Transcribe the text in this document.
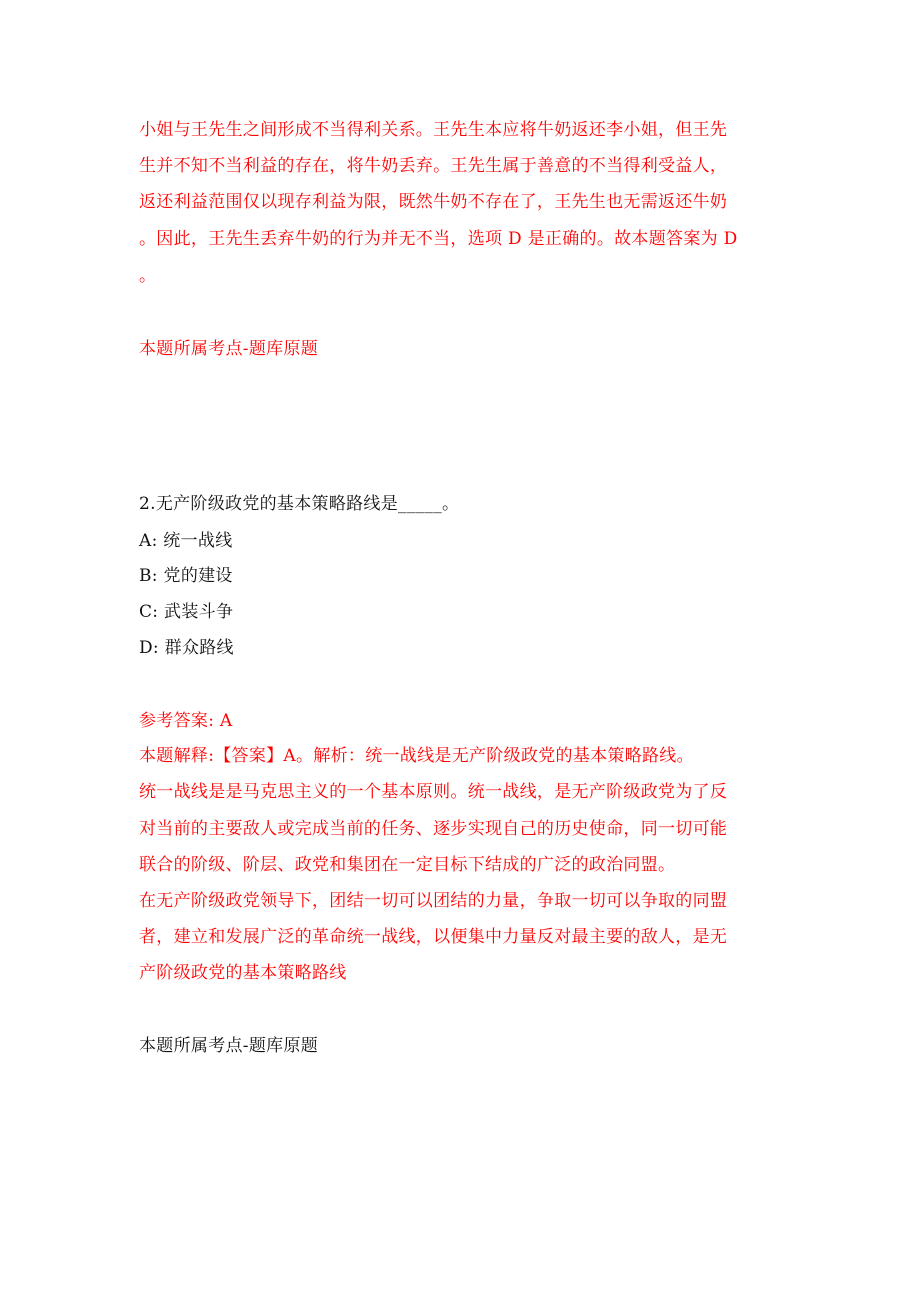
小姐与王先生之间形成不当得利关系。王先生本应将牛奶返还李小姐，但王先
生并不知不当利益的存在，将牛奶丢弃。王先生属于善意的不当得利受益人，
返还利益范围仅以现存利益为限，既然牛奶不存在了，王先生也无需返还牛奶
。因此，王先生丢弃牛奶的行为并无不当，选项 D 是正确的。故本题答案为 D
。
本题所属考点-题库原题
2.无产阶级政党的基本策略路线是_____。
A: 统一战线
B: 党的建设
C: 武装斗争
D: 群众路线
参考答案: A
本题解释:【答案】A。解析：统一战线是无产阶级政党的基本策略路线。
统一战线是是马克思主义的一个基本原则。统一战线，是无产阶级政党为了反
对当前的主要敌人或完成当前的任务、逐步实现自己的历史使命，同一切可能
联合的阶级、阶层、政党和集团在一定目标下结成的广泛的政治同盟。
在无产阶级政党领导下，团结一切可以团结的力量，争取一切可以争取的同盟
者，建立和发展广泛的革命统一战线，以便集中力量反对最主要的敌人，是无
产阶级政党的基本策略路线
本题所属考点-题库原题
